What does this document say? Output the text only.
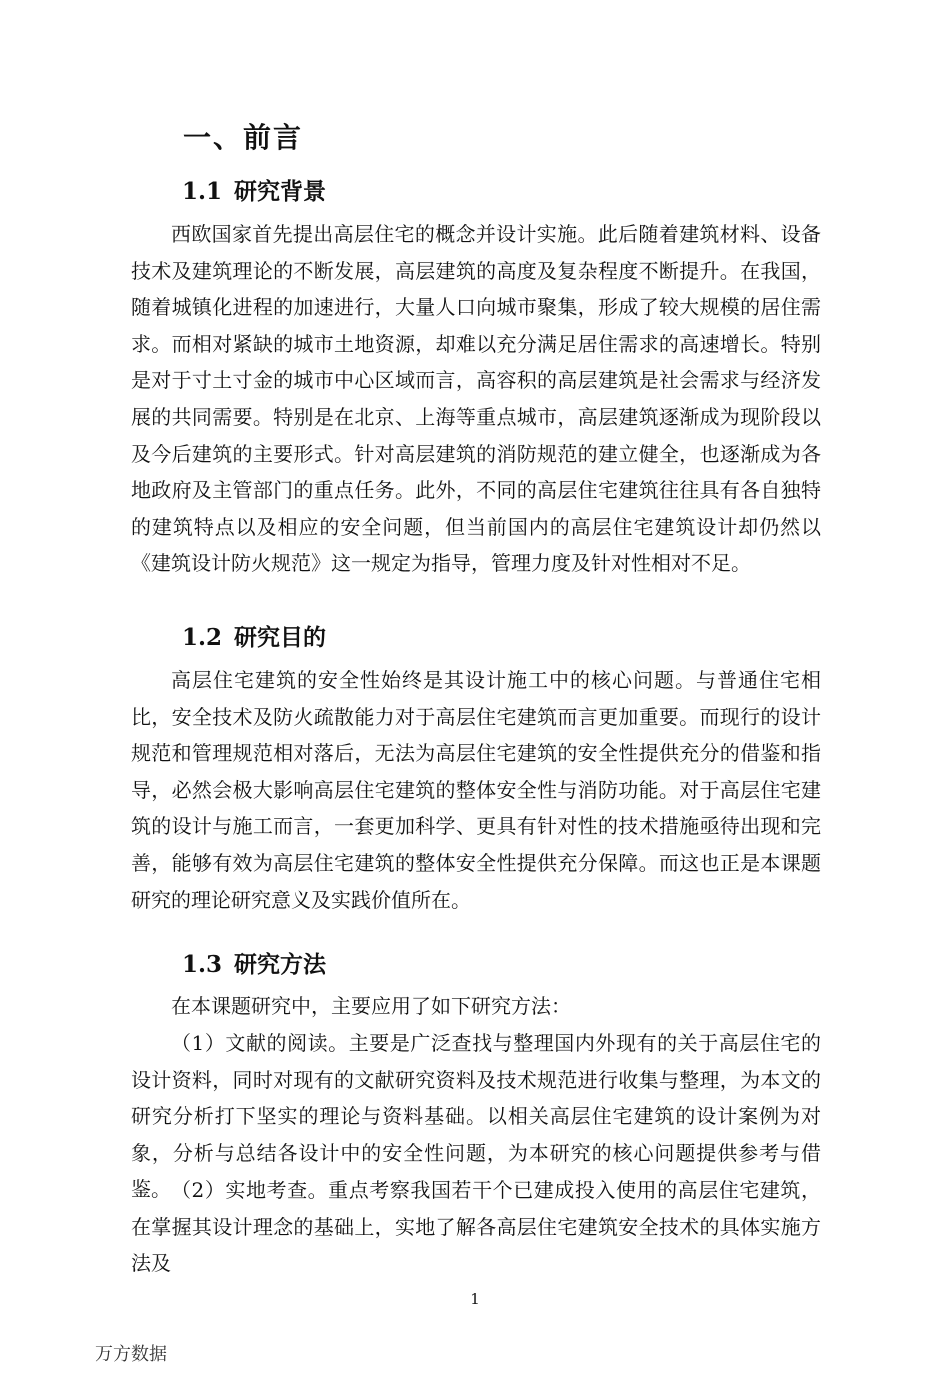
一、前言
1.1 研究背景

西欧国家首先提出高层住宅的概念并设计实施。此后随着建筑材料、设备技术及建筑理论的不断发展，高层建筑的高度及复杂程度不断提升。在我国，随着城镇化进程的加速进行，大量人口向城市聚集，形成了较大规模的居住需求。而相对紧缺的城市土地资源，却难以充分满足居住需求的高速增长。特别是对于寸土寸金的城市中心区域而言，高容积的高层建筑是社会需求与经济发展的共同需要。特别是在北京、上海等重点城市，高层建筑逐渐成为现阶段以及今后建筑的主要形式。针对高层建筑的消防规范的建立健全，也逐渐成为各地政府及主管部门的重点任务。此外，不同的高层住宅建筑往往具有各自独特的建筑特点以及相应的安全问题，但当前国内的高层住宅建筑设计却仍然以《建筑设计防火规范》这一规定为指导，管理力度及针对性相对不足。

1.2 研究目的

高层住宅建筑的安全性始终是其设计施工中的核心问题。与普通住宅相比，安全技术及防火疏散能力对于高层住宅建筑而言更加重要。而现行的设计规范和管理规范相对落后，无法为高层住宅建筑的安全性提供充分的借鉴和指导，必然会极大影响高层住宅建筑的整体安全性与消防功能。对于高层住宅建筑的设计与施工而言，一套更加科学、更具有针对性的技术措施亟待出现和完善，能够有效为高层住宅建筑的整体安全性提供充分保障。而这也正是本课题研究的理论研究意义及实践价值所在。

1.3 研究方法

在本课题研究中，主要应用了如下研究方法：

（1）文献的阅读。主要是广泛查找与整理国内外现有的关于高层住宅的设计资料，同时对现有的文献研究资料及技术规范进行收集与整理，为本文的研究分析打下坚实的理论与资料基础。以相关高层住宅建筑的设计案例为对象，分析与总结各设计中的安全性问题，为本研究的核心问题提供参考与借鉴。 （2）实地考查。重点考察我国若干个已建成投入使用的高层住宅建筑，在掌握其设计理念的基础上，实地了解各高层住宅建筑安全技术的具体实施方法及

1
万方数据
